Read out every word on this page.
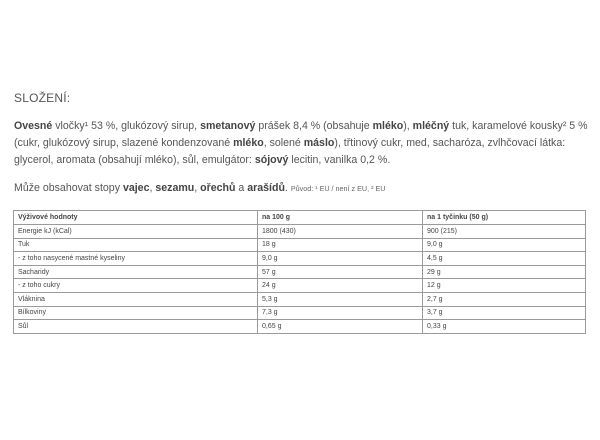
SLOŽENÍ:
Ovesné vločky¹ 53 %, glukózový sirup, smetanový prášek 8,4 % (obsahuje mléko), mléčný tuk, karamelové kousky² 5 % (cukr, glukózový sirup, slazené kondenzované mléko, solené máslo), třtinový cukr, med, sacharóza, zvlhčovací látka: glycerol, aromata (obsahují mléko), sůl, emulgátor: sójový lecitin, vanilka 0,2 %.
Může obsahovat stopy vajec, sezamu, ořechů a arašídů. Původ: ¹ EU / není z EU, ² EU
Výživové hodnoty	na 100 g	na 1 tyčinku (50 g)
Energie kJ (kCal)	1800 (430)	900 (215)
Tuk	18 g	9,0 g
- z toho nasycené mastné kyseliny	9,0 g	4,5 g
Sacharidy	57 g	29 g
- z toho cukry	24 g	12 g
Vláknina	5,3 g	2,7 g
Bílkoviny	7,3 g	3,7 g
Sůl	0,65 g	0,33 g
